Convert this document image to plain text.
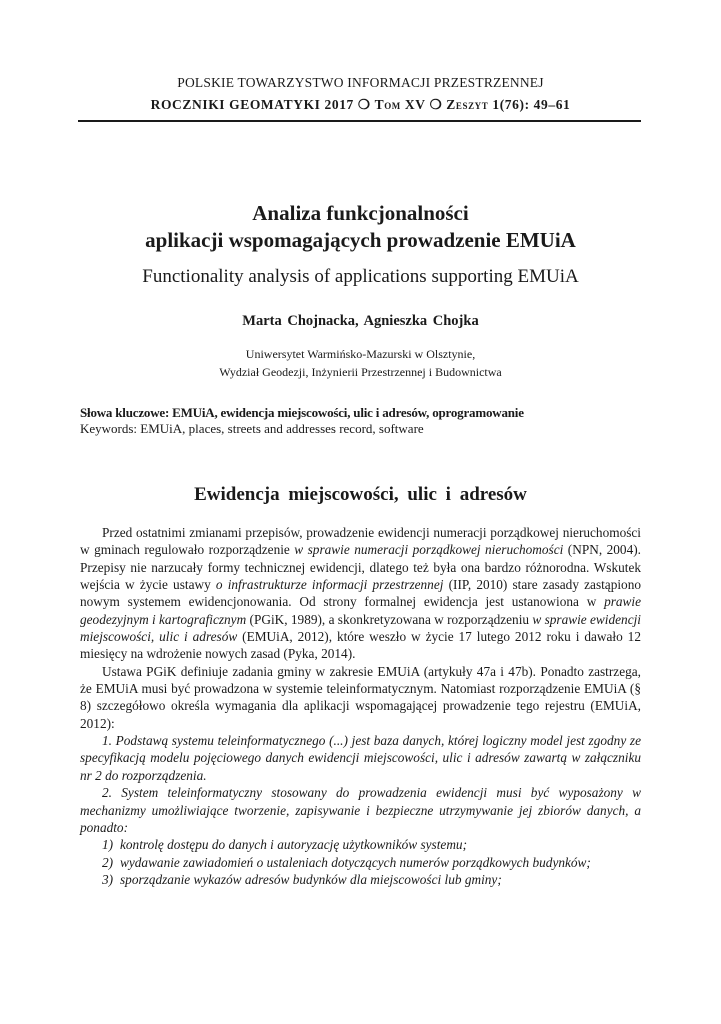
POLSKIE TOWARZYSTWO INFORMACJI PRZESTRZENNEJ
ROCZNIKI GEOMATYKI 2017 ❍ Tom XV ❍ Zeszyt 1(76): 49–61
Analiza funkcjonalności
aplikacji wspomagających prowadzenie EMUiA
Functionality analysis of applications supporting EMUiA
Marta Chojnacka, Agnieszka Chojka
Uniwersytet Warmińsko-Mazurski w Olsztynie,
Wydział Geodezji, Inżynierii Przestrzennej i Budownictwa
Słowa kluczowe: EMUiA, ewidencja miejscowości, ulic i adresów, oprogramowanie
Keywords: EMUiA, places, streets and addresses record, software
Ewidencja miejscowości, ulic i adresów

Przed ostatnimi zmianami przepisów, prowadzenie ewidencji numeracji porządkowej nieruchomości w gminach regulowało rozporządzenie w sprawie numeracji porządkowej nieruchomości (NPN, 2004). Przepisy nie narzucały formy technicznej ewidencji, dlatego też była ona bardzo różnorodna. Wskutek wejścia w życie ustawy o infrastrukturze informacji przestrzennej (IIP, 2010) stare zasady zastąpiono nowym systemem ewidencjonowania. Od strony formalnej ewidencja jest ustanowiona w prawie geodezyjnym i kartograficznym (PGiK, 1989), a skonkretyzowana w rozporządzeniu w sprawie ewidencji miejscowości, ulic i adresów (EMUiA, 2012), które weszło w życie 17 lutego 2012 roku i dawało 12 miesięcy na wdrożenie nowych zasad (Pyka, 2014).

Ustawa PGiK definiuje zadania gminy w zakresie EMUiA (artykuły 47a i 47b). Ponadto zastrzega, że EMUiA musi być prowadzona w systemie teleinformatycznym. Natomiast rozporządzenie EMUiA (§ 8) szczegółowo określa wymagania dla aplikacji wspomagającej prowadzenie tego rejestru (EMUiA, 2012):

1. Podstawą systemu teleinformatycznego (...) jest baza danych, której logiczny model jest zgodny ze specyfikacją modelu pojęciowego danych ewidencji miejscowości, ulic i adresów zawartą w załączniku nr 2 do rozporządzenia.

2. System teleinformatyczny stosowany do prowadzenia ewidencji musi być wyposażony w mechanizmy umożliwiające tworzenie, zapisywanie i bezpieczne utrzymywanie jej zbiorów danych, a ponadto:

1) kontrolę dostępu do danych i autoryzację użytkowników systemu;
2) wydawanie zawiadomień o ustaleniach dotyczących numerów porządkowych budynków;
3) sporządzanie wykazów adresów budynków dla miejscowości lub gminy;
